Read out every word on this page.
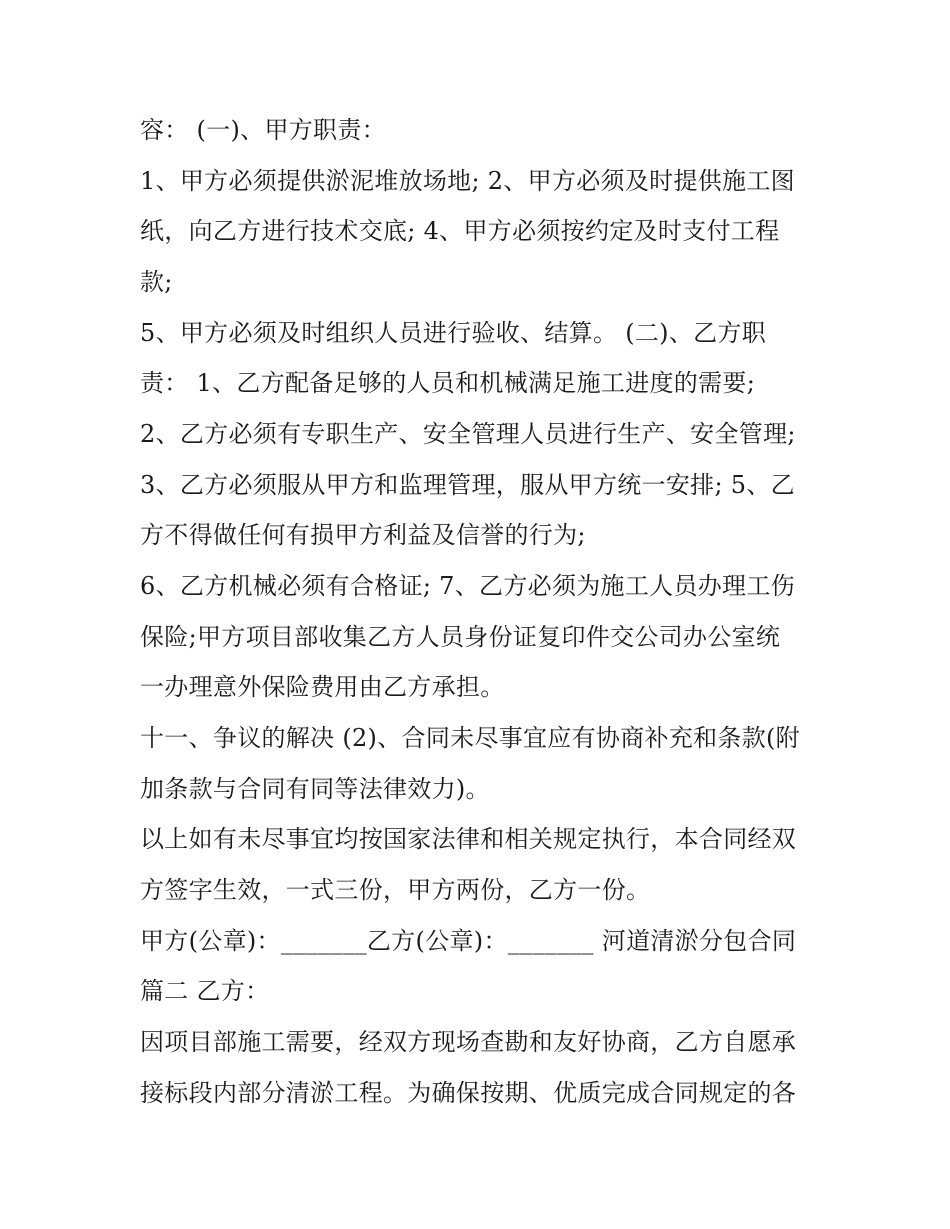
容： (一)、甲方职责：

1、甲方必须提供淤泥堆放场地; 2、甲方必须及时提供施工图

纸，向乙方进行技术交底; 4、甲方必须按约定及时支付工程

款;

5、甲方必须及时组织人员进行验收、结算。 (二)、乙方职

责： 1、乙方配备足够的人员和机械满足施工进度的需要;

2、乙方必须有专职生产、安全管理人员进行生产、安全管理;

3、乙方必须服从甲方和监理管理，服从甲方统一安排; 5、乙

方不得做任何有损甲方利益及信誉的行为;

6、乙方机械必须有合格证; 7、乙方必须为施工人员办理工伤

保险;甲方项目部收集乙方人员身份证复印件交公司办公室统

一办理意外保险费用由乙方承担。

十一、争议的解决 (2)、合同未尽事宜应有协商补充和条款(附

加条款与合同有同等法律效力)。

以上如有未尽事宜均按国家法律和相关规定执行，本合同经双

方签字生效，一式三份，甲方两份，乙方一份。

甲方(公章)：_______乙方(公章)：_______ 河道清淤分包合同

篇二 乙方：

因项目部施工需要，经双方现场查勘和友好协商，乙方自愿承

接标段内部分清淤工程。为确保按期、优质完成合同规定的各
